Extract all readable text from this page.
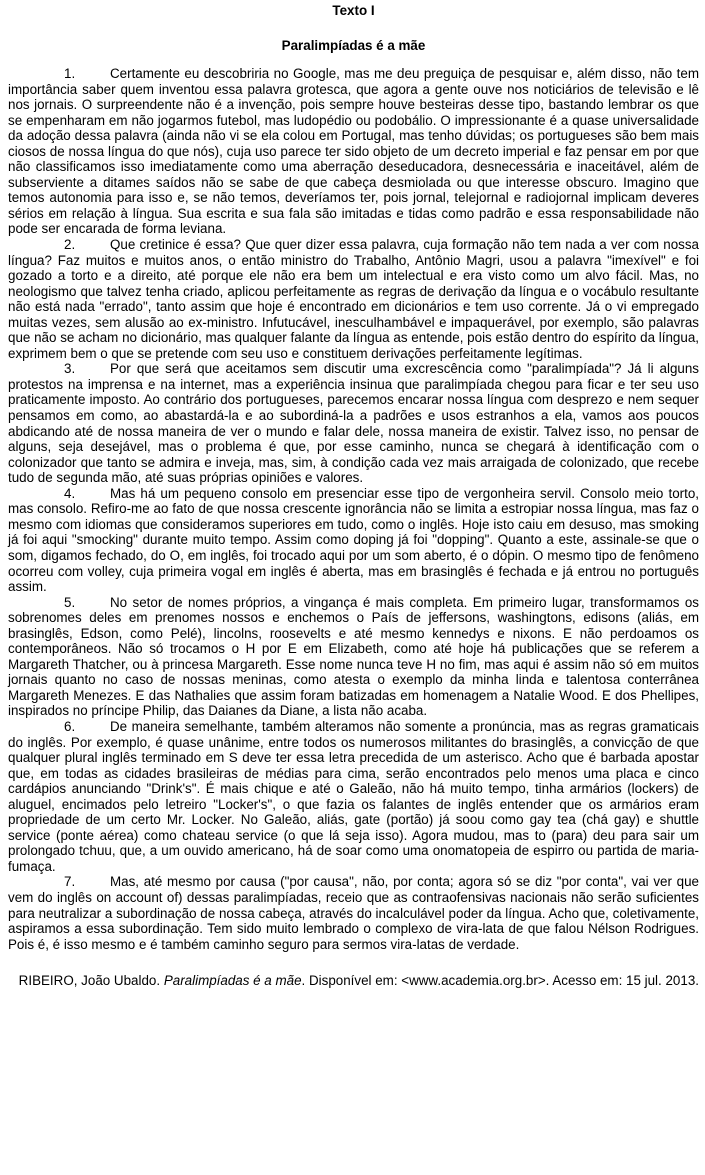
Texto I

Paralimpíadas é a mãe

1.	Certamente eu descobriria no Google, mas me deu preguiça de pesquisar e, além disso, não tem importância saber quem inventou essa palavra grotesca, que agora a gente ouve nos noticiários de televisão e lê nos jornais. O surpreendente não é a invenção, pois sempre houve besteiras desse tipo, bastando lembrar os que se empenharam em não jogarmos futebol, mas ludopédio ou podobálio. O impressionante é a quase universalidade da adoção dessa palavra (ainda não vi se ela colou em Portugal, mas tenho dúvidas; os portugueses são bem mais ciosos de nossa língua do que nós), cuja uso parece ter sido objeto de um decreto imperial e faz pensar em por que não classificamos isso imediatamente como uma aberração deseducadora, desnecessária e inaceitável, além de subserviente a ditames saídos não se sabe de que cabeça desmiolada ou que interesse obscuro. Imagino que temos autonomia para isso e, se não temos, deveríamos ter, pois jornal, telejornal e radiojornal implicam deveres sérios em relação à língua. Sua escrita e sua fala são imitadas e tidas como padrão e essa responsabilidade não pode ser encarada de forma leviana.

2.	Que cretinice é essa? Que quer dizer essa palavra, cuja formação não tem nada a ver com nossa língua? Faz muitos e muitos anos, o então ministro do Trabalho, Antônio Magri, usou a palavra "imexível" e foi gozado a torto e a direito, até porque ele não era bem um intelectual e era visto como um alvo fácil. Mas, no neologismo que talvez tenha criado, aplicou perfeitamente as regras de derivação da língua e o vocábulo resultante não está nada "errado", tanto assim que hoje é encontrado em dicionários e tem uso corrente. Já o vi empregado muitas vezes, sem alusão ao ex-ministro. Infutucável, inesculhambável e impaquerável, por exemplo, são palavras que não se acham no dicionário, mas qualquer falante da língua as entende, pois estão dentro do espírito da língua, exprimem bem o que se pretende com seu uso e constituem derivações perfeitamente legítimas.

3.	Por que será que aceitamos sem discutir uma excrescência como "paralimpíada"? Já li alguns protestos na imprensa e na internet, mas a experiência insinua que paralimpíada chegou para ficar e ter seu uso praticamente imposto. Ao contrário dos portugueses, parecemos encarar nossa língua com desprezo e nem sequer pensamos em como, ao abastardá-la e ao subordiná-la a padrões e usos estranhos a ela, vamos aos poucos abdicando até de nossa maneira de ver o mundo e falar dele, nossa maneira de existir. Talvez isso, no pensar de alguns, seja desejável, mas o problema é que, por esse caminho, nunca se chegará à identificação com o colonizador que tanto se admira e inveja, mas, sim, à condição cada vez mais arraigada de colonizado, que recebe tudo de segunda mão, até suas próprias opiniões e valores.

4.	Mas há um pequeno consolo em presenciar esse tipo de vergonheira servil. Consolo meio torto, mas consolo. Refiro-me ao fato de que nossa crescente ignorância não se limita a estropiar nossa língua, mas faz o mesmo com idiomas que consideramos superiores em tudo, como o inglês. Hoje isto caiu em desuso, mas smoking já foi aqui "smocking" durante muito tempo. Assim como doping já foi "dopping". Quanto a este, assinale-se que o som, digamos fechado, do O, em inglês, foi trocado aqui por um som aberto, é o dópin. O mesmo tipo de fenômeno ocorreu com volley, cuja primeira vogal em inglês é aberta, mas em brasinglês é fechada e já entrou no português assim.

5.	No setor de nomes próprios, a vingança é mais completa. Em primeiro lugar, transformamos os sobrenomes deles em prenomes nossos e enchemos o País de jeffersons, washingtons, edisons (aliás, em brasinglês, Edson, como Pelé), lincolns, roosevelts e até mesmo kennedys e nixons. E não perdoamos os contemporâneos. Não só trocamos o H por E em Elizabeth, como até hoje há publicações que se referem a Margareth Thatcher, ou à princesa Margareth. Esse nome nunca teve H no fim, mas aqui é assim não só em muitos jornais quanto no caso de nossas meninas, como atesta o exemplo da minha linda e talentosa conterrânea Margareth Menezes. E das Nathalies que assim foram batizadas em homenagem a Natalie Wood. E dos Phellipes, inspirados no príncipe Philip, das Daianes da Diane, a lista não acaba.

6.	De maneira semelhante, também alteramos não somente a pronúncia, mas as regras gramaticais do inglês. Por exemplo, é quase unânime, entre todos os numerosos militantes do brasinglês, a convicção de que qualquer plural inglês terminado em S deve ter essa letra precedida de um asterisco. Acho que é barbada apostar que, em todas as cidades brasileiras de médias para cima, serão encontrados pelo menos uma placa e cinco cardápios anunciando "Drink's". É mais chique e até o Galeão, não há muito tempo, tinha armários (lockers) de aluguel, encimados pelo letreiro "Locker's", o que fazia os falantes de inglês entender que os armários eram propriedade de um certo Mr. Locker. No Galeão, aliás, gate (portão) já soou como gay tea (chá gay) e shuttle service (ponte aérea) como chateau service (o que lá seja isso). Agora mudou, mas to (para) deu para sair um prolongado tchuu, que, a um ouvido americano, há de soar como uma onomatopeia de espirro ou partida de maria-fumaça.

7.	Mas, até mesmo por causa ("por causa", não, por conta; agora só se diz "por conta", vai ver que vem do inglês on account of) dessas paralimpíadas, receio que as contraofensivas nacionais não serão suficientes para neutralizar a subordinação de nossa cabeça, através do incalculável poder da língua. Acho que, coletivamente, aspiramos a essa subordinação. Tem sido muito lembrado o complexo de vira-lata de que falou Nélson Rodrigues. Pois é, é isso mesmo e é também caminho seguro para sermos vira-latas de verdade.

RIBEIRO, João Ubaldo. Paralimpíadas é a mãe. Disponível em: <www.academia.org.br>. Acesso em: 15 jul. 2013.
